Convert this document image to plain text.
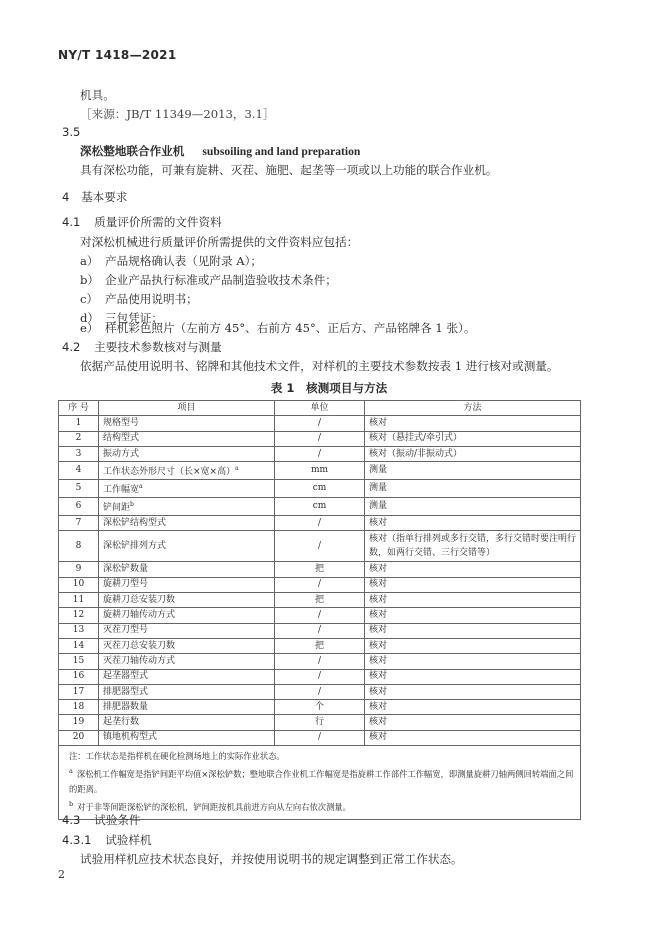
NY/T 1418—2021
机具。
［来源：JB/T 11349—2013，3.1］
3.5
深松整地联合作业机 subsoiling and land preparation
具有深松功能，可兼有旋耕、灭茬、施肥、起垄等一项或以上功能的联合作业机。
4 基本要求
4.1 质量评价所需的文件资料
对深松机械进行质量评价所需提供的文件资料应包括：
a） 产品规格确认表（见附录 A）；
b） 企业产品执行标准或产品制造验收技术条件；
c） 产品使用说明书；
d） 三包凭证；
e） 样机彩色照片（左前方 45°、右前方 45°、正后方、产品铭牌各 1 张）。
4.2 主要技术参数核对与测量
依据产品使用说明书、铭牌和其他技术文件，对样机的主要技术参数按表 1 进行核对或测量。
表 1　核测项目与方法
序 号	项目	单位	方法
1	规格型号	/	核对
2	结构型式	/	核对（悬挂式/牵引式）
3	振动方式	/	核对（振动/非振动式）
4	工作状态外形尺寸（长×宽×高）$^a$	mm	测量
5	工作幅宽$^a$	cm	测量
6	铲间距$^b$	cm	测量
7	深松铲结构型式	/	核对
8	深松铲排列方式	/	核对（指单行排列或多行交错，多行交错时要注明行数，如两行交错、三行交错等）
9	深松铲数量	把	核对
10	旋耕刀型号	/	核对
11	旋耕刀总安装刀数	把	核对
12	旋耕刀轴传动方式	/	核对
13	灭茬刀型号	/	核对
14	灭茬刀总安装刀数	把	核对
15	灭茬刀轴传动方式	/	核对
16	起垄器型式	/	核对
17	排肥器型式	/	核对
18	排肥器数量	个	核对
19	起垄行数	行	核对
20	镇地机构型式	/	核对

注：工作状态是指样机在硬化检测场地上的实际作业状态。
$^a$ 深松机工作幅宽是指铲间距平均值×深松铲数；整地联合作业机工作幅宽是指旋耕工作部件工作幅宽，即测量旋耕刀轴两侧回转端面之间的距离。
$^b$ 对于非等间距深松铲的深松机，铲间距按机具前进方向从左向右依次测量。			
4.3 试验条件
4.3.1 试验样机
试验用样机应技术状态良好，并按使用说明书的规定调整到正常工作状态。
2
